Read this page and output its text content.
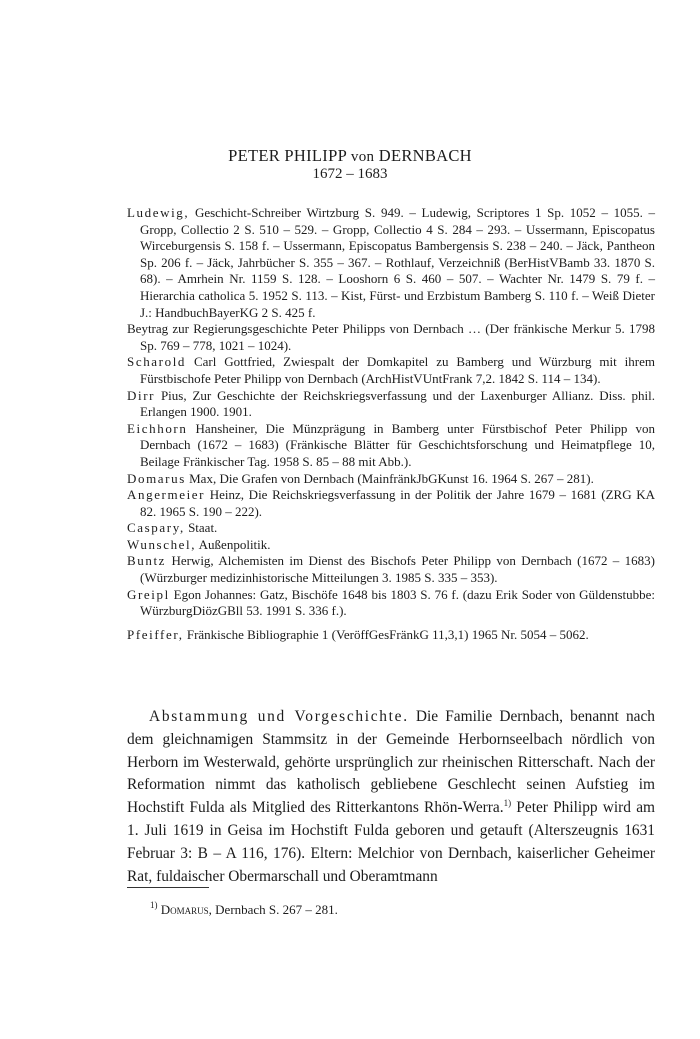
PETER PHILIPP von DERNBACH
1672 – 1683
Ludewig, Geschicht-Schreiber Wirtzburg S. 949. – Ludewig, Scriptores 1 Sp. 1052 – 1055. – Gropp, Collectio 2 S. 510 – 529. – Gropp, Collectio 4 S. 284 – 293. – Ussermann, Episcopatus Wirceburgensis S. 158 f. – Ussermann, Episcopatus Bambergensis S. 238 – 240. – Jäck, Pantheon Sp. 206 f. – Jäck, Jahrbücher S. 355 – 367. – Rothlauf, Verzeichniß (BerHistVBamb 33. 1870 S. 68). – Amrhein Nr. 1159 S. 128. – Looshorn 6 S. 460 – 507. – Wachter Nr. 1479 S. 79 f. – Hierarchia catholica 5. 1952 S. 113. – Kist, Fürst- und Erzbistum Bamberg S. 110 f. – Weiß Dieter J.: HandbuchBayerKG 2 S. 425 f.
Beytrag zur Regierungsgeschichte Peter Philipps von Dernbach … (Der fränkische Merkur 5. 1798 Sp. 769 – 778, 1021 – 1024).
Scharold Carl Gottfried, Zwiespalt der Domkapitel zu Bamberg und Würzburg mit ihrem Fürstbischofe Peter Philipp von Dernbach (ArchHistVUntFrank 7,2. 1842 S. 114 – 134).
Dirr Pius, Zur Geschichte der Reichskriegsverfassung und der Laxenburger Allianz. Diss. phil. Erlangen 1900. 1901.
Eichhorn Hansheiner, Die Münzprägung in Bamberg unter Fürstbischof Peter Philipp von Dernbach (1672 – 1683) (Fränkische Blätter für Geschichtsforschung und Heimatpflege 10, Beilage Fränkischer Tag. 1958 S. 85 – 88 mit Abb.).
Domarus Max, Die Grafen von Dernbach (MainfränkJbGKunst 16. 1964 S. 267 – 281).
Angermeier Heinz, Die Reichskriegsverfassung in der Politik der Jahre 1679 – 1681 (ZRG KA 82. 1965 S. 190 – 222).
Caspary, Staat.
Wunschel, Außenpolitik.
Buntz Herwig, Alchemisten im Dienst des Bischofs Peter Philipp von Dernbach (1672 – 1683) (Würzburger medizinhistorische Mitteilungen 3. 1985 S. 335 – 353).
Greipl Egon Johannes: Gatz, Bischöfe 1648 bis 1803 S. 76 f. (dazu Erik Soder von Güldenstubbe: WürzburgDiözGBll 53. 1991 S. 336 f.).
Pfeiffer, Fränkische Bibliographie 1 (VeröffGesFränkG 11,3,1) 1965 Nr. 5054 – 5062.

Abstammung und Vorgeschichte. Die Familie Dernbach, benannt nach dem gleichnamigen Stammsitz in der Gemeinde Herbornseelbach nördlich von Herborn im Westerwald, gehörte ursprünglich zur rheinischen Ritterschaft. Nach der Reformation nimmt das katholisch gebliebene Geschlecht seinen Aufstieg im Hochstift Fulda als Mitglied des Ritterkantons Rhön-Werra.$^{1)}$ Peter Philipp wird am 1. Juli 1619 in Geisa im Hochstift Fulda geboren und getauft (Alterszeugnis 1631 Februar 3: B – A 116, 176). Eltern: Melchior von Dernbach, kaiserlicher Geheimer Rat, fuldaischer Obermarschall und Oberamtmann

$^{1)}$ Domarus, Dernbach S. 267 – 281.
